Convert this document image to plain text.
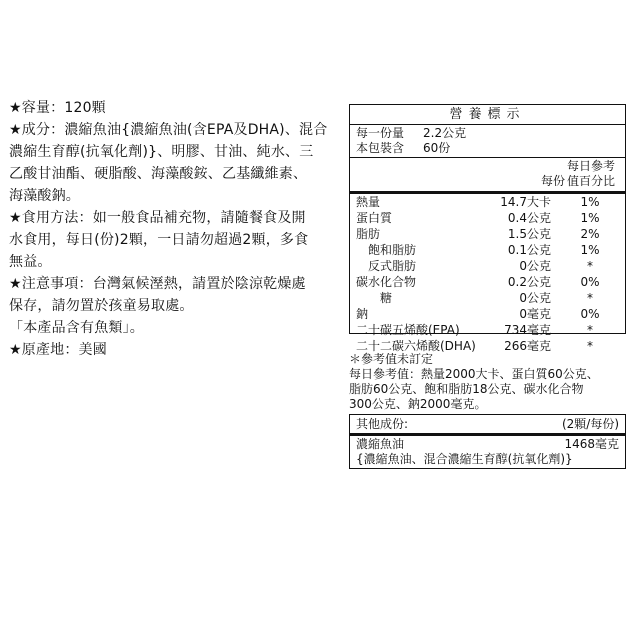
★容量：120顆

★成分：濃縮魚油{濃縮魚油(含EPA及DHA)、混合

濃縮生育醇(抗氧化劑)}、明膠、甘油、純水、三

乙酸甘油酯、硬脂酸、海藻酸銨、乙基纖維素、

海藻酸鈉。

★食用方法：如一般食品補充物，請隨餐食及開

水食用，每日(份)2顆，一日請勿超過2顆，多食

無益。

★注意事項：台灣氣候溼熱，請置於陰涼乾燥處

保存，請勿置於孩童易取處。

「本產品含有魚類」。

★原產地：美國

營養標示
每一份量	2.2公克
本包裝含	60份
每份
每日參考
值百分比
熱量	14.7大卡	1%
蛋白質	0.4公克	1%
脂肪	1.5公克	2%
飽和脂肪	0.1公克	1%
反式脂肪	0公克	*
碳水化合物	0.2公克	0%
糖	0公克	*
鈉	0毫克	0%
二十碳五烯酸(EPA)	734毫克	*
二十二碳六烯酸(DHA) 266毫克	*

＊參考值未訂定

每日參考值：熱量2000大卡、蛋白質60公克、

脂肪60公克、飽和脂肪18公克、碳水化合物

300公克、鈉2000毫克。

其他成份:	(2顆/每份)
濃縮魚油	1468毫克
{濃縮魚油、混合濃縮生育醇(抗氧化劑)}
